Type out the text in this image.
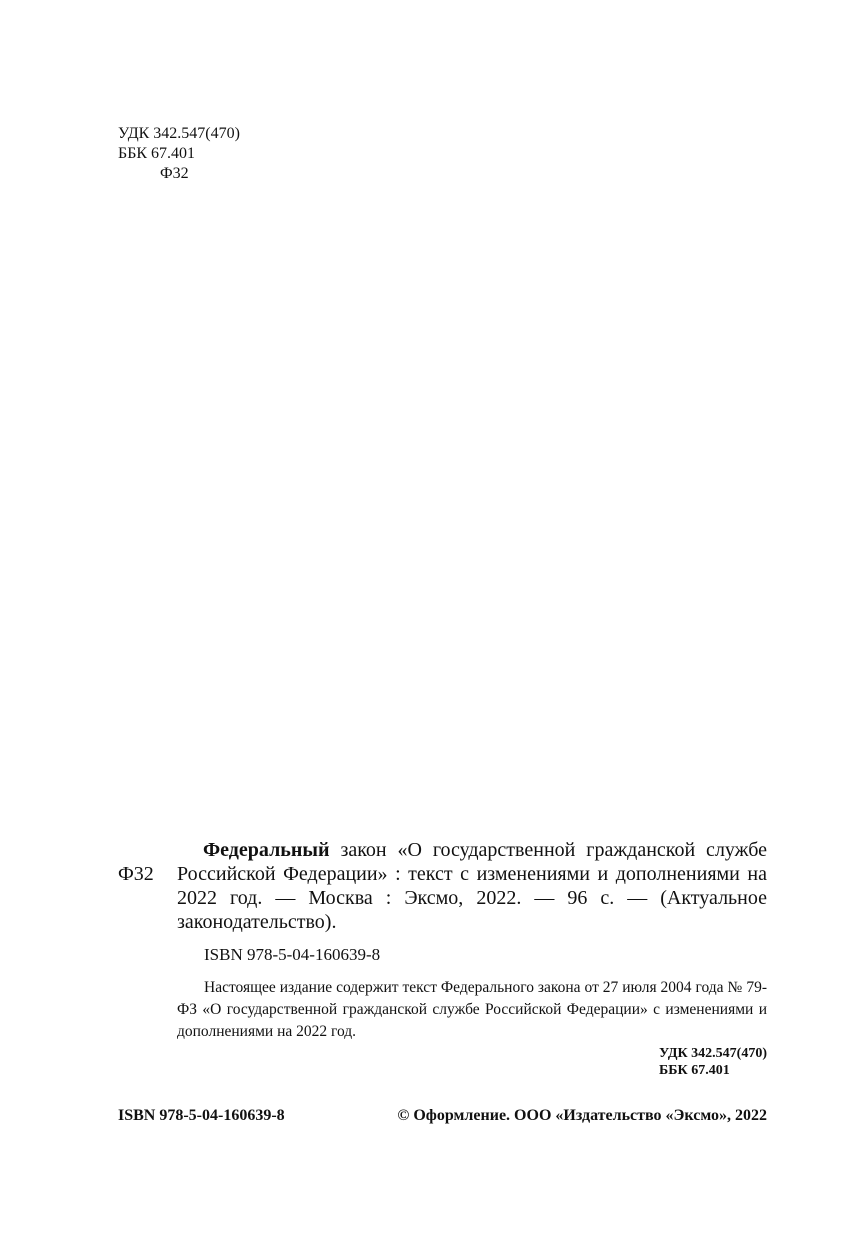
УДК 342.547(470)
ББК 67.401
Ф32
Ф32
Федеральный закон «О государственной гражданской службе Российской Федерации» : текст с изменениями и дополнениями на 2022 год. — Москва : Эксмо, 2022. — 96 с. — (Актуальное законодательство).
ISBN 978-5-04-160639-8
Настоящее издание содержит текст Федерального закона от 27 июля 2004 года № 79-ФЗ «О государственной гражданской службе Российской Федерации» с изменениями и дополнениями на 2022 год.
УДК 342.547(470)
ББК 67.401
ISBN 978-5-04-160639-8	© Оформление. ООО «Издательство «Эксмо», 2022
